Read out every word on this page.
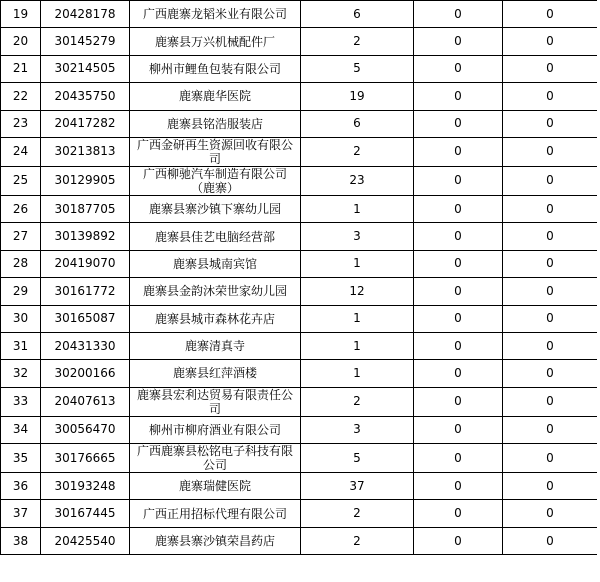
19	20428178	广西鹿寨龙韬米业有限公司	6	0	0
20	30145279	鹿寨县万兴机械配件厂	2	0	0
21	30214505	柳州市鲤鱼包装有限公司	5	0	0
22	20435750	鹿寨鹿华医院	19	0	0
23	20417282	鹿寨县铭浩服装店	6	0	0
24	30213813	广西金研再生资源回收有限公司	2	0	0
25	30129905	广西柳驰汽车制造有限公司（鹿寨）	23	0	0
26	30187705	鹿寨县寨沙镇下寨幼儿园	1	0	0
27	30139892	鹿寨县佳艺电脑经营部	3	0	0
28	20419070	鹿寨县城南宾馆	1	0	0
29	30161772	鹿寨县金韵沐荣世家幼儿园	12	0	0
30	30165087	鹿寨县城市森林花卉店	1	0	0
31	20431330	鹿寨清真寺	1	0	0
32	30200166	鹿寨县红萍酒楼	1	0	0
33	20407613	鹿寨县宏利达贸易有限责任公司	2	0	0
34	30056470	柳州市柳府酒业有限公司	3	0	0
35	30176665	广西鹿寨县松铭电子科技有限公司	5	0	0
36	30193248	鹿寨瑞健医院	37	0	0
37	30167445	广西正用招标代理有限公司	2	0	0
38	20425540	鹿寨县寨沙镇荣昌药店	2	0	0
